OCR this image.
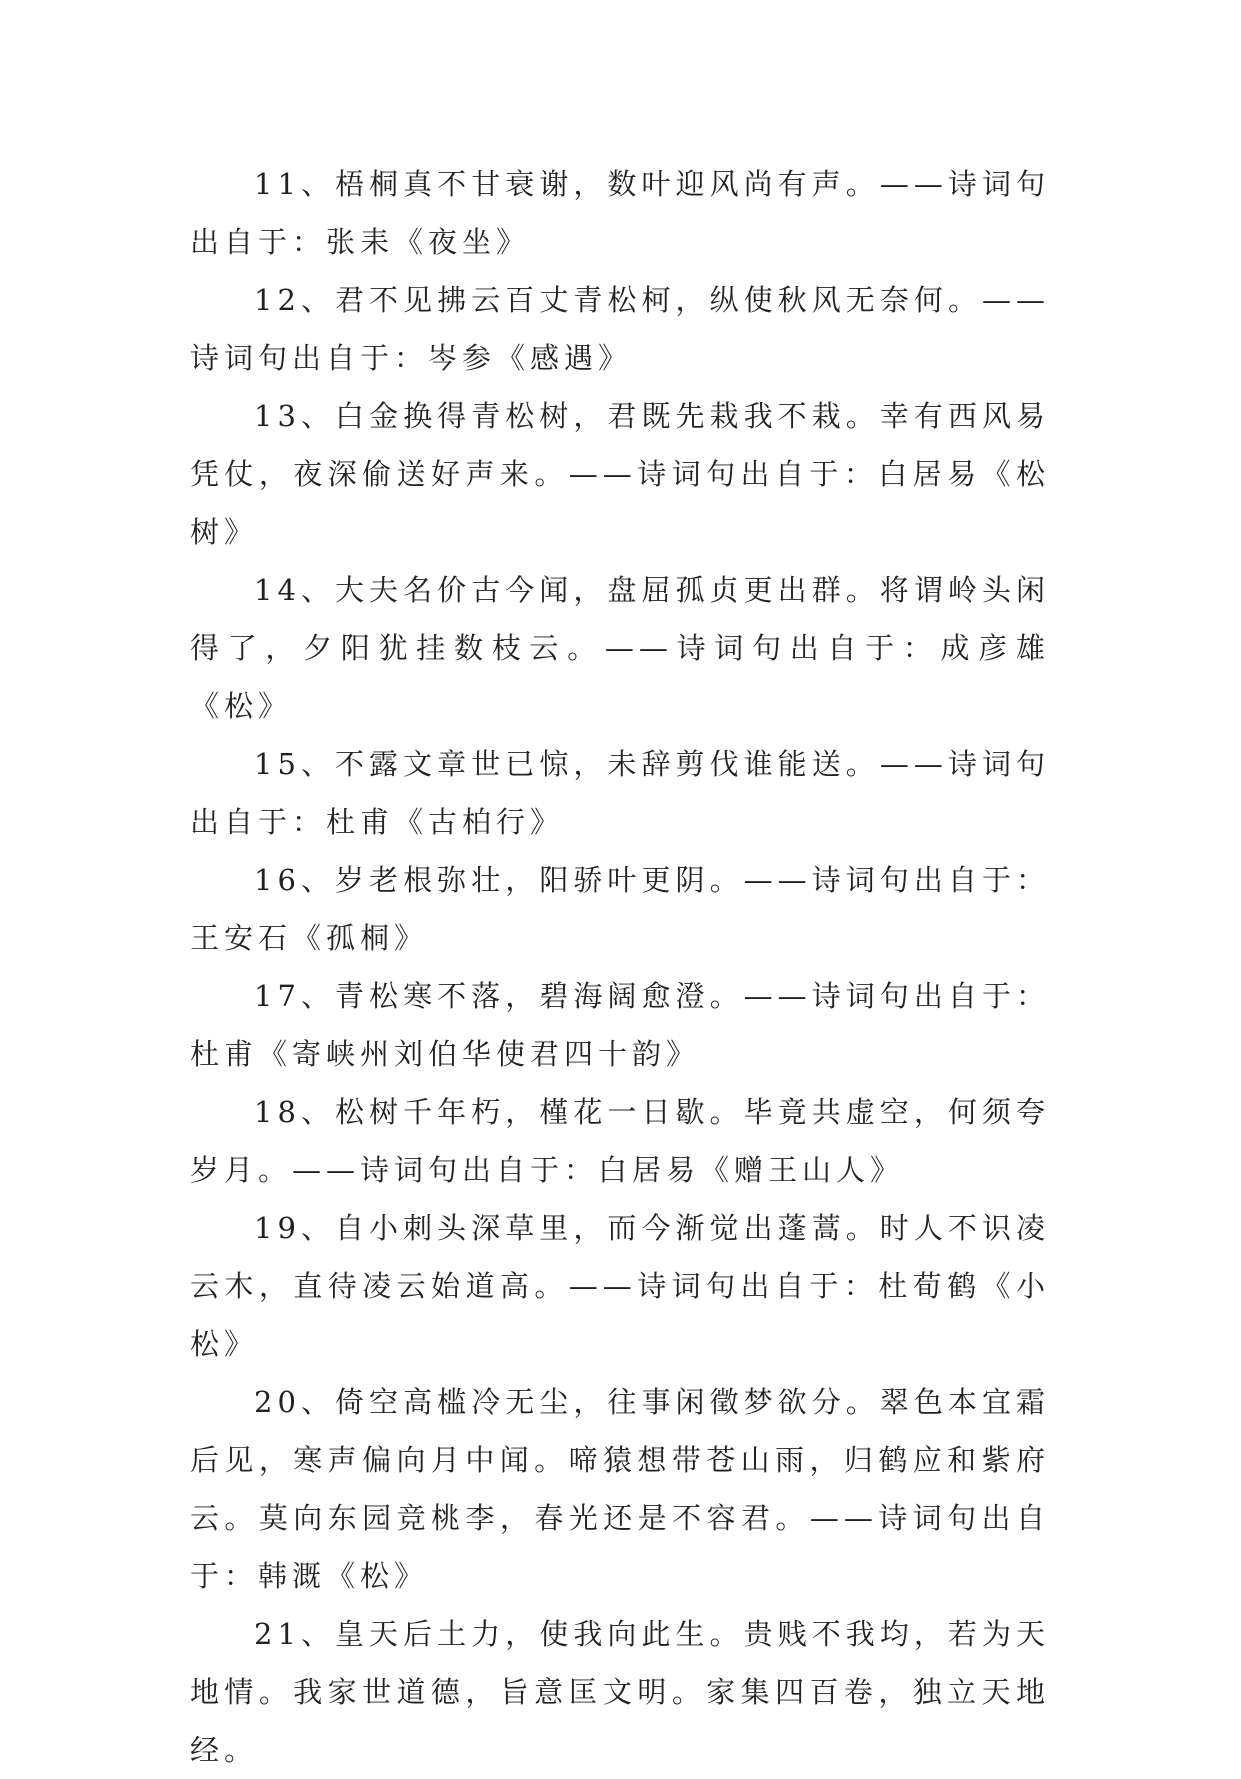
11、梧桐真不甘衰谢，数叶迎风尚有声。——诗词句出自于：张耒《夜坐》

12、君不见拂云百丈青松柯，纵使秋风无奈何。——诗词句出自于：岑参《感遇》

13、白金换得青松树，君既先栽我不栽。幸有西风易凭仗，夜深偷送好声来。——诗词句出自于：白居易《松树》

14、大夫名价古今闻，盘屈孤贞更出群。将谓岭头闲得了，夕阳犹挂数枝云。——诗词句出自于：成彦雄《松》

15、不露文章世已惊，未辞剪伐谁能送。——诗词句出自于：杜甫《古柏行》

16、岁老根弥壮，阳骄叶更阴。——诗词句出自于：王安石《孤桐》

17、青松寒不落，碧海阔愈澄。——诗词句出自于：杜甫《寄峡州刘伯华使君四十韵》

18、松树千年朽，槿花一日歇。毕竟共虚空，何须夸岁月。——诗词句出自于：白居易《赠王山人》

19、自小刺头深草里，而今渐觉出蓬蒿。时人不识凌云木，直待凌云始道高。——诗词句出自于：杜荀鹤《小松》

20、倚空高槛冷无尘，往事闲徵梦欲分。翠色本宜霜后见，寒声偏向月中闻。啼猿想带苍山雨，归鹤应和紫府云。莫向东园竞桃李，春光还是不容君。——诗词句出自于：韩溉《松》

21、皇天后土力，使我向此生。贵贱不我均，若为天地情。我家世道德，旨意匡文明。家集四百卷，独立天地经。
